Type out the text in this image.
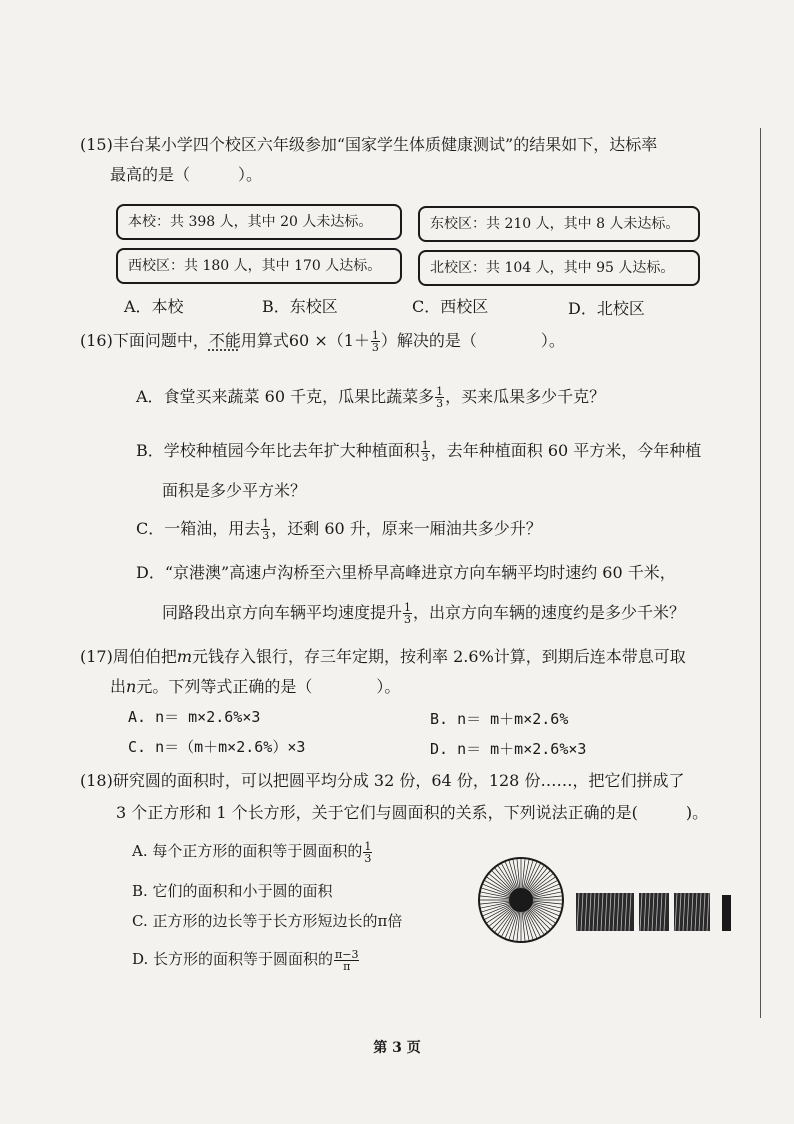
(15)丰台某小学四个校区六年级参加“国家学生体质健康测试”的结果如下，达标率
最高的是（　　　）。
本校：共 398 人，其中 20 人未达标。	东校区：共 210 人，其中 8 人未达标。
西校区：共 180 人，其中 170 人达标。	北校区：共 104 人，其中 95 人达标。
A．本校	B．东校区	C．西校区	D．北校区
(16)下面问题中，不能用算式$60 \times(1+ \frac{1}{3}$ ）解决的是（　　　　）。
A．食堂买来蔬菜 60 千克，瓜果比蔬菜多 $\frac{1}{3}$ ，买来瓜果多少千克？
B．学校种植园今年比去年扩大种植面积 $\frac{1}{3}$ ，去年种植面积 60 平方米，今年种植
面积是多少平方米？
C．一箱油，用去 $\frac{1}{3}$ ，还剩 60 升，原来一厢油共多少升？
D．“京港澳”高速卢沟桥至六里桥早高峰进京方向车辆平均时速约 60 千米，
同路段出京方向车辆平均速度提升 $\frac{1}{3}$ ，出京方向车辆的速度约是多少千米？
(17)周伯伯把m元钱存入银行，存三年定期，按利率 2.6%计算，到期后连本带息可取
出n元。下列等式正确的是（　　　　）。
A. n＝ m×2.6%×3	B. n＝ m＋m×2.6%
C. n＝（m＋m×2.6%）×3	D. n＝ m＋m×2.6%×3
(18)研究圆的面积时，可以把圆平均分成 32 份，64 份，128 份……，把它们拼成了
3 个正方形和 1 个长方形，关于它们与圆面积的关系，下列说法正确的是(　　　)。
A. 每个正方形的面积等于圆面积的 $\frac{1}{3}$
B. 它们的面积和小于圆的面积
C. 正方形的边长等于长方形短边长的π倍
D. 长方形的面积等于圆面积的 $\frac{\pi-3}{\pi}$
第 3 页
